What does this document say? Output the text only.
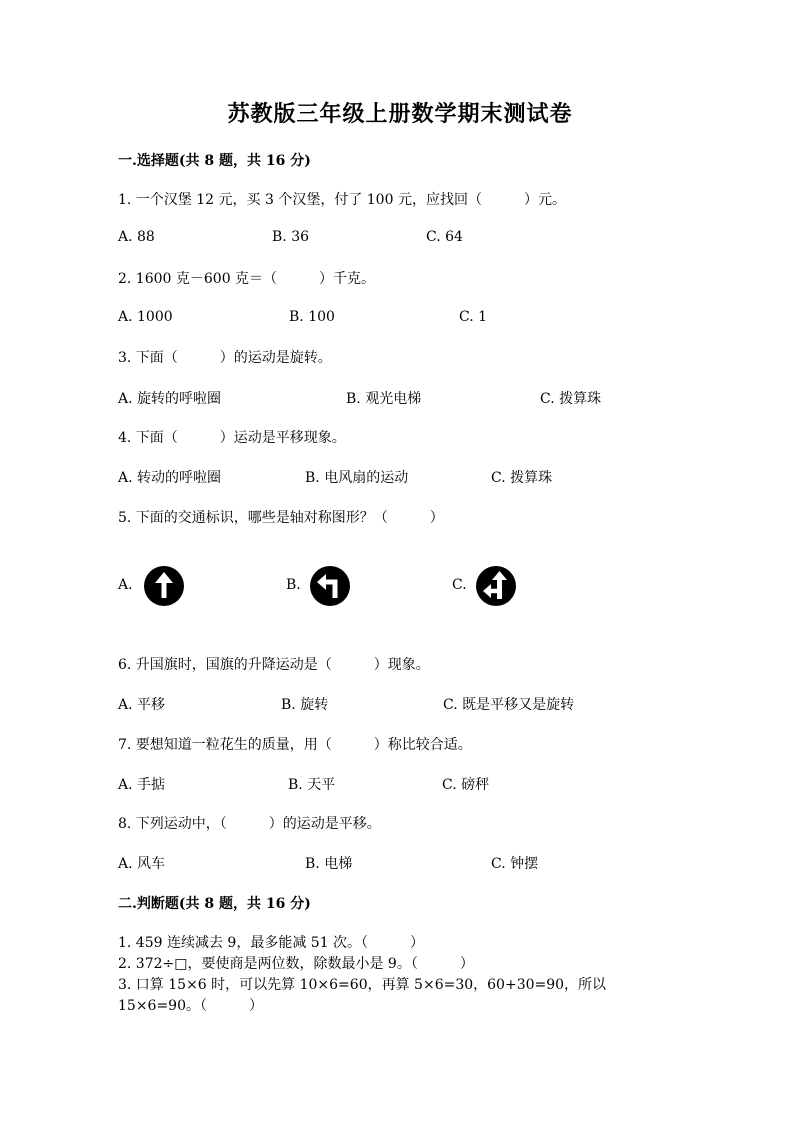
苏教版三年级上册数学期末测试卷
一.选择题(共 8 题，共 16 分)
1. 一个汉堡 12 元，买 3 个汉堡，付了 100 元，应找回（　　　）元。
A. 88	B. 36	C. 64
2. 1600 克－600 克＝（　　　）千克。
A. 1000	B. 100	C. 1
3. 下面（　　　）的运动是旋转。
A. 旋转的呼啦圈	B. 观光电梯	C. 拨算珠
4. 下面（　　　）运动是平移现象。
A. 转动的呼啦圈	B. 电风扇的运动	C. 拨算珠
5. 下面的交通标识，哪些是轴对称图形？（　　　）
A.	B.	C.
6. 升国旗时，国旗的升降运动是（　　　）现象。
A. 平移	B. 旋转	C. 既是平移又是旋转
7. 要想知道一粒花生的质量，用（　　　）称比较合适。
A. 手掂	B. 天平	C. 磅秤
8. 下列运动中，（　　　）的运动是平移。
A. 风车	B. 电梯	C. 钟摆
二.判断题(共 8 题，共 16 分)
1. 459 连续减去 9，最多能减 51 次。（　　　）
2. 372÷□，要使商是两位数，除数最小是 9。（　　　）
3. 口算 15×6 时，可以先算 10×6=60，再算 5×6=30，60+30=90，所以
15×6=90。（　　　）
